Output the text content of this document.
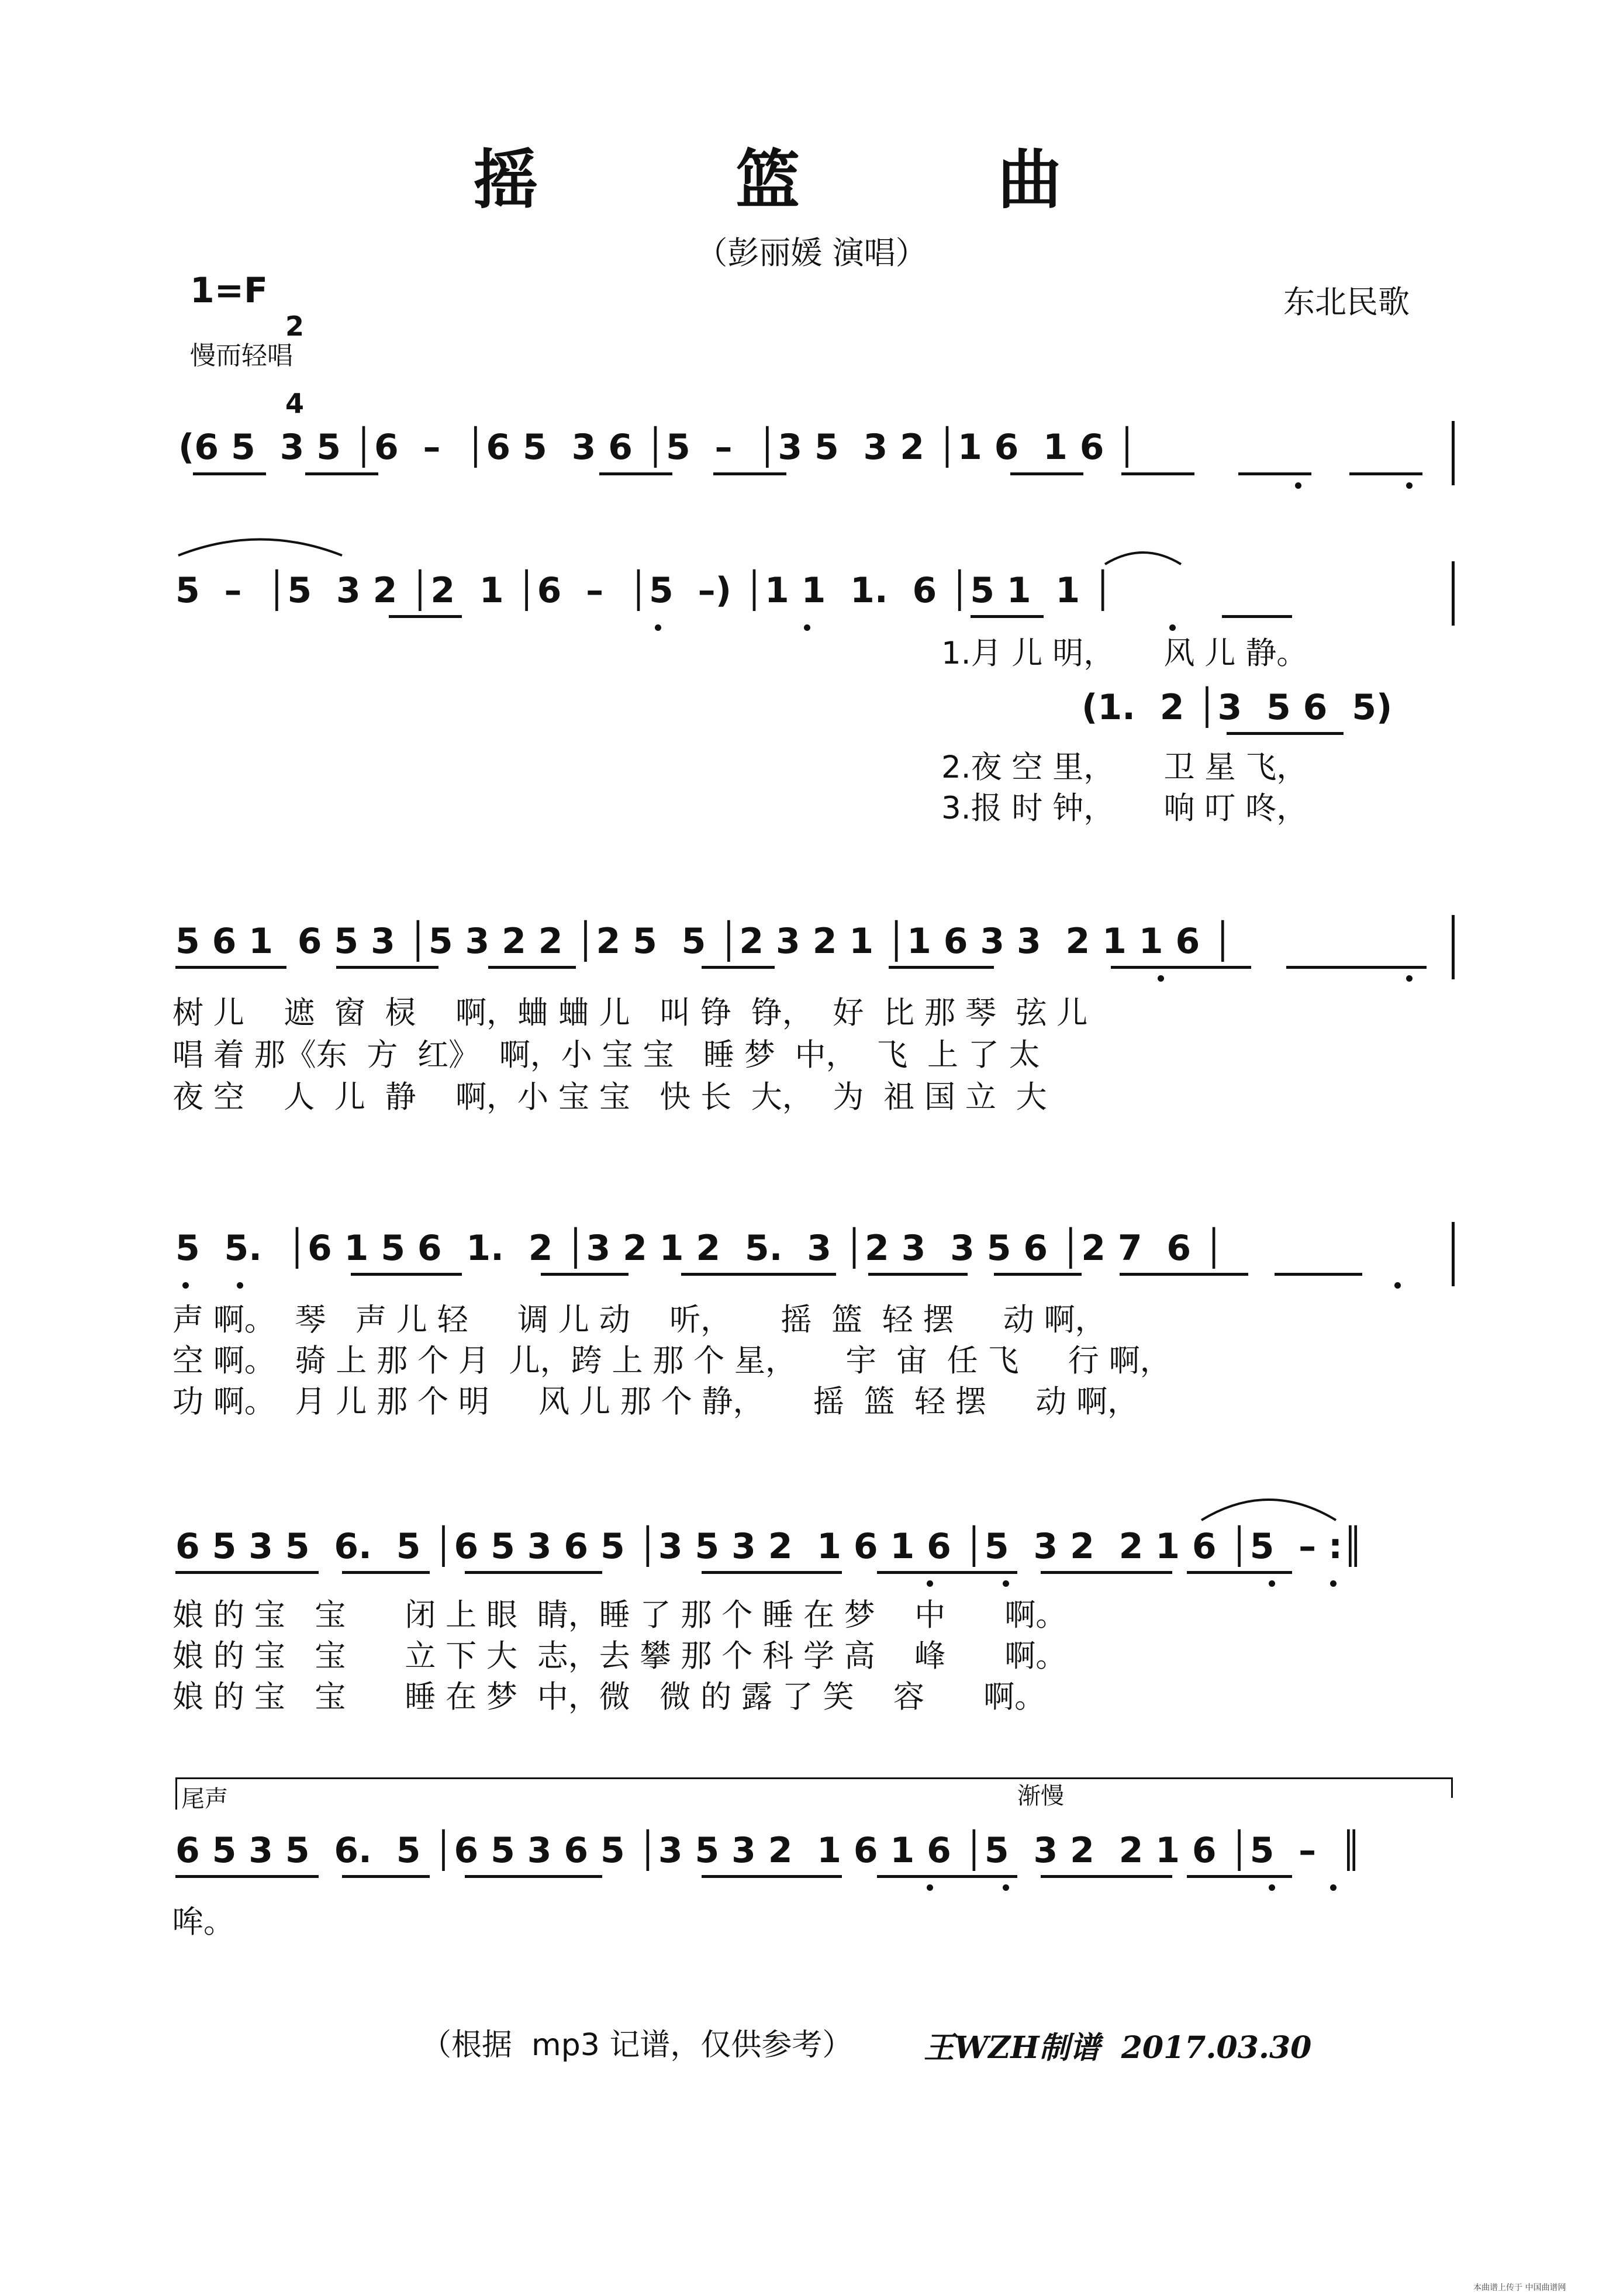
摇 篮 曲
（彭丽媛 演唱）
1=F

2

4

慢而轻唱
东北民歌
(6 5  3 5 │6  –  │6 5  3 6 │5  –  │3 5  3 2 │1 6  1 6 │
5  –  │5  3 2 │2  1 │6  –  │5  –) │1 1  1.  6 │5 1  1 │
1.月 儿 明，     风 儿 静。
(1.  2 │3  5 6  5)
2.夜 空 里，     卫 星 飞，
3.报 时 钟，     响 叮 咚，
5 6 1  6 5 3 │5 3 2 2 │2 5  5 │2 3 2 1 │1 6 3 3  2 1 1 6 │
树 儿    遮  窗  棂    啊，蛐 蛐 儿   叫 铮  铮，  好  比 那 琴  弦 儿
唱 着 那《东  方  红》  啊，小 宝 宝   睡 梦  中，  飞  上 了 太
夜 空    人  儿  静    啊，小 宝 宝   快 长  大，  为  祖 国 立  大
5  5.  │6 1 5 6  1.  2 │3 2 1 2  5.  3 │2 3  3 5 6 │2 7  6 │
声 啊。  琴   声 儿 轻     调 儿 动    听，     摇  篮  轻 摆     动 啊，
空 啊。  骑 上 那 个 月  儿，跨 上 那 个 星，     宇  宙  任 飞     行 啊，
功 啊。  月 儿 那 个 明     风 儿 那 个 静，     摇  篮  轻 摆     动 啊，
6 5 3 5  6.  5 │6 5 3 6 5 │3 5 3 2  1 6 1 6 │5  3 2  2 1 6 │5  – :║
娘 的 宝   宝      闭 上 眼  睛，睡 了 那 个 睡 在 梦    中      啊。
娘 的 宝   宝      立 下 大  志，去 攀 那 个 科 学 高    峰      啊。
娘 的 宝   宝      睡 在 梦  中，微   微 的 露 了 笑    容      啊。
尾声	渐慢
6 5 3 5  6.  5 │6 5 3 6 5 │3 5 3 2  1 6 1 6 │5  3 2  2 1 6 │5  –  ║
哞。
（根据  mp3 记谱，仅供参考） 王WZH制谱  2017.03.30
本曲谱上传于 中国曲谱网
